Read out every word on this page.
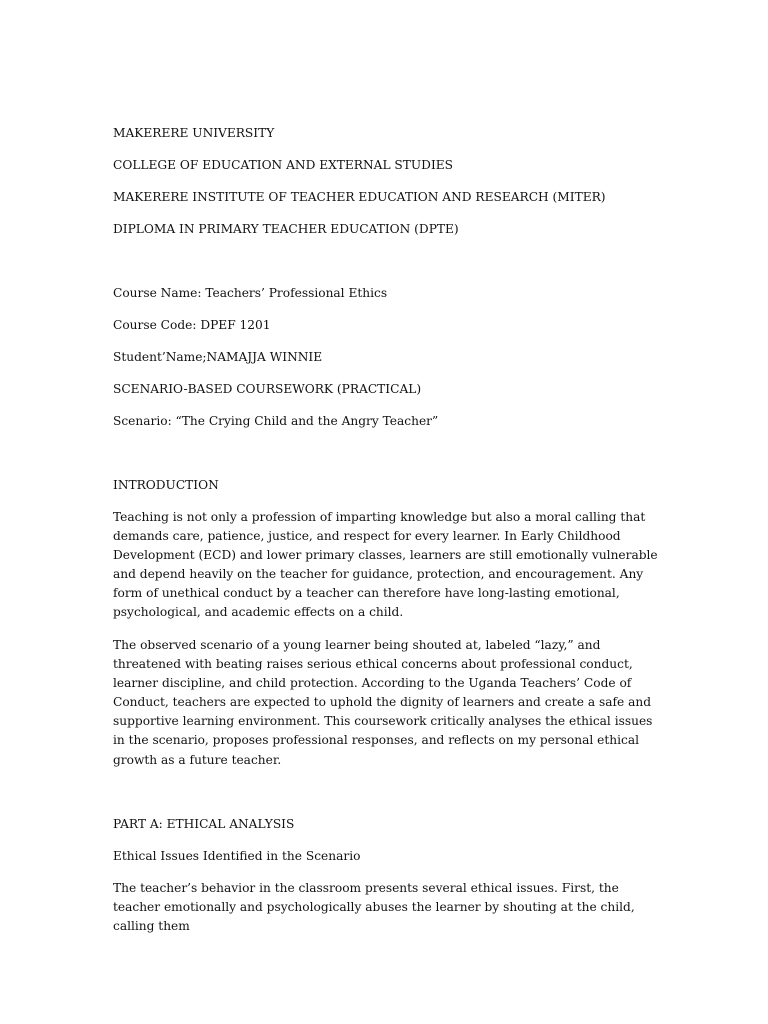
MAKERERE UNIVERSITY

COLLEGE OF EDUCATION AND EXTERNAL STUDIES

MAKERERE INSTITUTE OF TEACHER EDUCATION AND RESEARCH (MITER)

DIPLOMA IN PRIMARY TEACHER EDUCATION (DPTE)

Course Name: Teachers’ Professional Ethics

Course Code: DPEF 1201

Student’Name;NAMAJJA WINNIE

SCENARIO-BASED COURSEWORK (PRACTICAL)

Scenario: “The Crying Child and the Angry Teacher”

INTRODUCTION

Teaching is not only a profession of imparting knowledge but also a moral calling that demands care, patience, justice, and respect for every learner. In Early Childhood Development (ECD) and lower primary classes, learners are still emotionally vulnerable and depend heavily on the teacher for guidance, protection, and encouragement. Any form of unethical conduct by a teacher can therefore have long-lasting emotional, psychological, and academic effects on a child.

The observed scenario of a young learner being shouted at, labeled “lazy,” and threatened with beating raises serious ethical concerns about professional conduct, learner discipline, and child protection. According to the Uganda Teachers’ Code of Conduct, teachers are expected to uphold the dignity of learners and create a safe and supportive learning environment. This coursework critically analyses the ethical issues in the scenario, proposes professional responses, and reflects on my personal ethical growth as a future teacher.

PART A: ETHICAL ANALYSIS

Ethical Issues Identified in the Scenario

The teacher’s behavior in the classroom presents several ethical issues. First, the teacher emotionally and psychologically abuses the learner by shouting at the child, calling them
